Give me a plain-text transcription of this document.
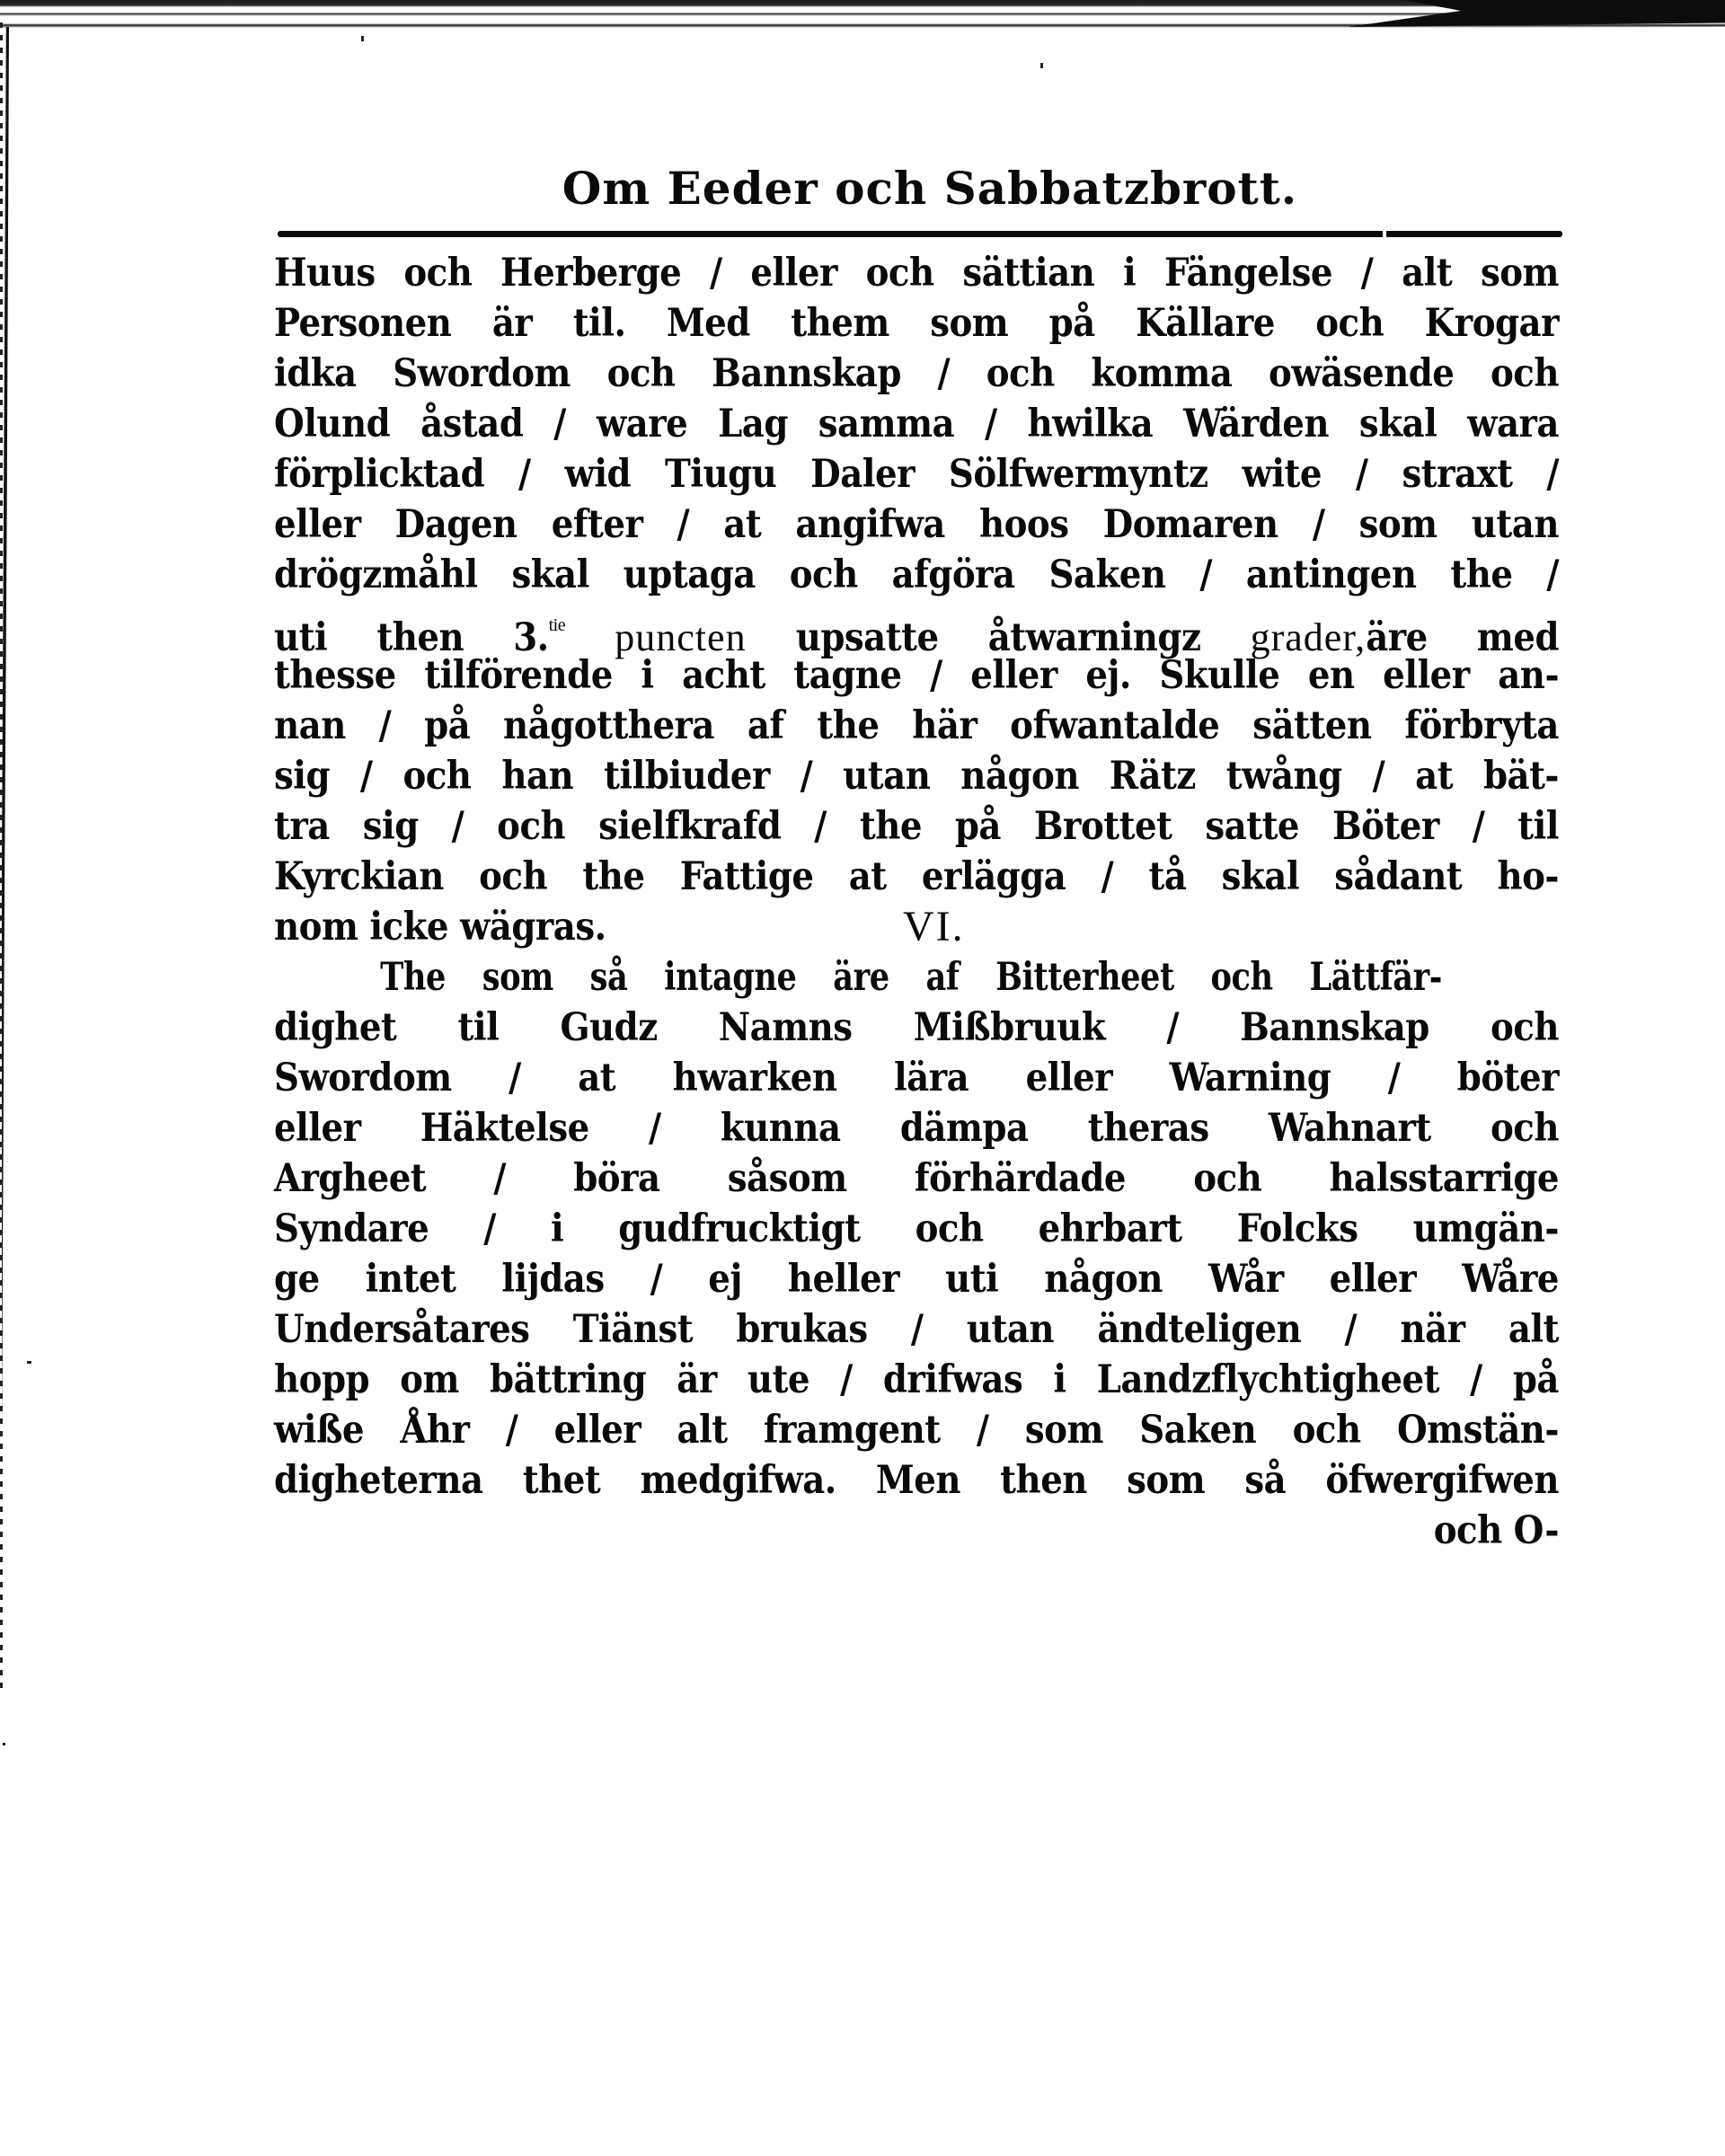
Om Eeder och Sabbatzbrott.
Huus och Herberge / eller och sättian i Fängelse / alt som
Personen är til. Med them som på Källare och Krogar
idka Swordom och Bannskap / och komma owäsende och
Olund åstad / ware Lag samma / hwilka Wärden skal wara
förplicktad / wid Tiugu Daler Sölfwermyntz wite / straxt /
eller Dagen efter / at angifwa hoos Domaren / som utan
drögzmåhl skal uptaga och afgöra Saken / antingen the /
uti then 3.$^{tie}$ puncten upsatte åtwarningz grader,äre med
thesse tilförende i acht tagne / eller ej. Skulle en eller an-
nan / på någotthera af the här ofwantalde sätten förbryta
sig / och han tilbiuder / utan någon Rätz twång / at bät-
tra sig / och sielfkrafd / the på Brottet satte Böter / til
Kyrckian och the Fattige at erlägga / tå skal sådant ho-
nom icke wägras.	VI.
The som så intagne äre af Bitterheet och Lättfär-
dighet til Gudz Namns Mißbruuk / Bannskap och
Swordom / at hwarken lära eller Warning / böter
eller Häktelse / kunna dämpa theras Wahnart och
Argheet / böra såsom förhärdade och halsstarrige
Syndare / i gudfrucktigt och ehrbart Folcks umgän-
ge intet lijdas / ej heller uti någon Wår eller Wåre
Undersåtares Tiänst brukas / utan ändteligen / när alt
hopp om bättring är ute / drifwas i Landzflychtigheet / på
wiße Åhr / eller alt framgent / som Saken och Omstän-
digheterna thet medgifwa. Men then som så öfwergifwen
och O-
